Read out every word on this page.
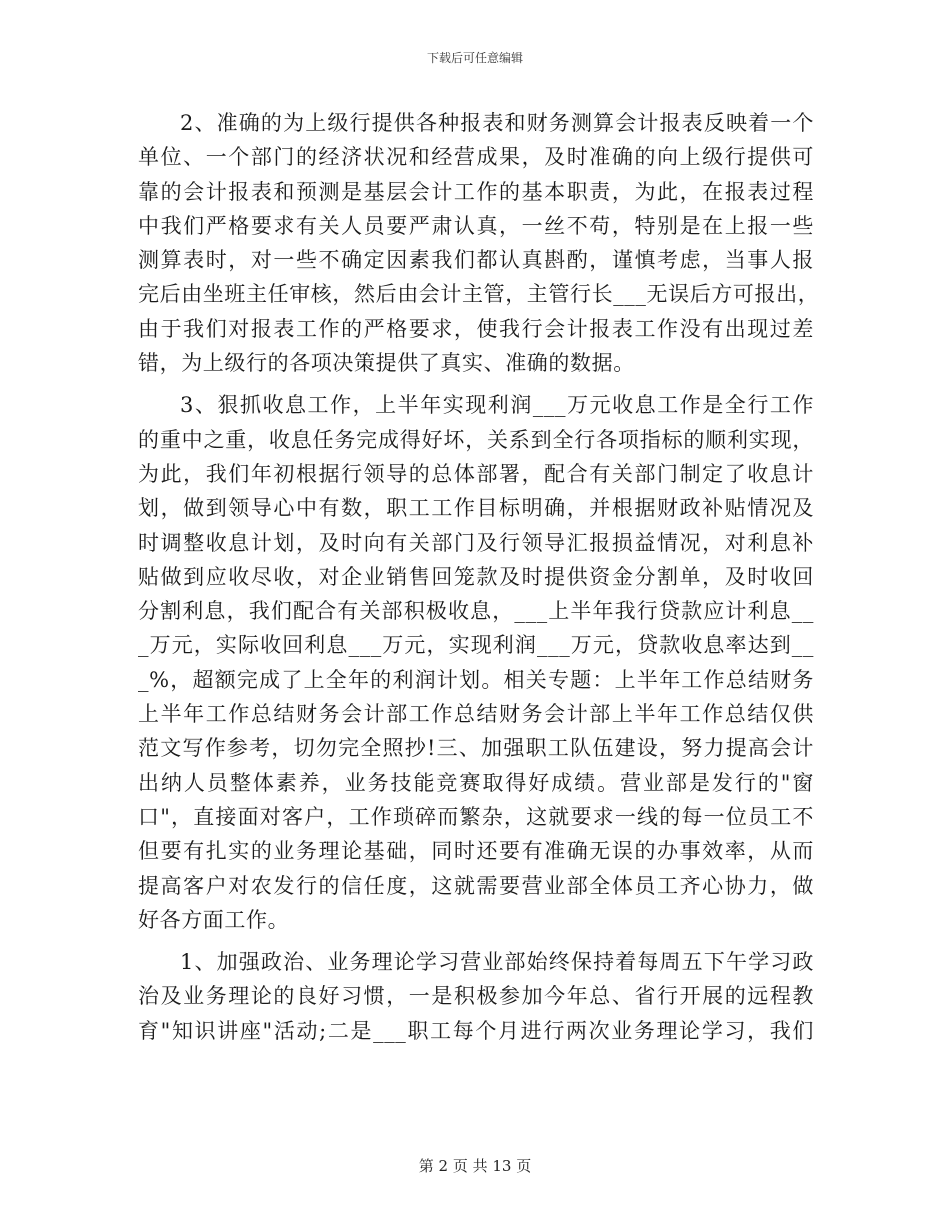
下载后可任意编辑

2、准确的为上级行提供各种报表和财务测算会计报表反映着一个
单位、一个部门的经济状况和经营成果，及时准确的向上级行提供可
靠的会计报表和预测是基层会计工作的基本职责，为此，在报表过程
中我们严格要求有关人员要严肃认真，一丝不苟，特别是在上报一些
测算表时，对一些不确定因素我们都认真斟酌，谨慎考虑，当事人报
完后由坐班主任审核，然后由会计主管，主管行长___无误后方可报出，
由于我们对报表工作的严格要求，使我行会计报表工作没有出现过差
错，为上级行的各项决策提供了真实、准确的数据。

3、狠抓收息工作，上半年实现利润___万元收息工作是全行工作
的重中之重，收息任务完成得好坏，关系到全行各项指标的顺利实现，
为此，我们年初根据行领导的总体部署，配合有关部门制定了收息计
划，做到领导心中有数，职工工作目标明确，并根据财政补贴情况及
时调整收息计划，及时向有关部门及行领导汇报损益情况，对利息补
贴做到应收尽收，对企业销售回笼款及时提供资金分割单，及时收回
分割利息，我们配合有关部积极收息，___上半年我行贷款应计利息__
_万元，实际收回利息___万元，实现利润___万元，贷款收息率达到__
_%，超额完成了上全年的利润计划。相关专题：上半年工作总结财务
上半年工作总结财务会计部工作总结财务会计部上半年工作总结仅供
范文写作参考，切勿完全照抄!三、加强职工队伍建设，努力提高会计
出纳人员整体素养，业务技能竞赛取得好成绩。营业部是发行的"窗
口"，直接面对客户，工作琐碎而繁杂，这就要求一线的每一位员工不
但要有扎实的业务理论基础，同时还要有准确无误的办事效率，从而
提高客户对农发行的信任度，这就需要营业部全体员工齐心协力，做
好各方面工作。

1、加强政治、业务理论学习营业部始终保持着每周五下午学习政
治及业务理论的良好习惯，一是积极参加今年总、省行开展的远程教
育"知识讲座"活动;二是___职工每个月进行两次业务理论学习，我们

第 2 页 共 13 页
